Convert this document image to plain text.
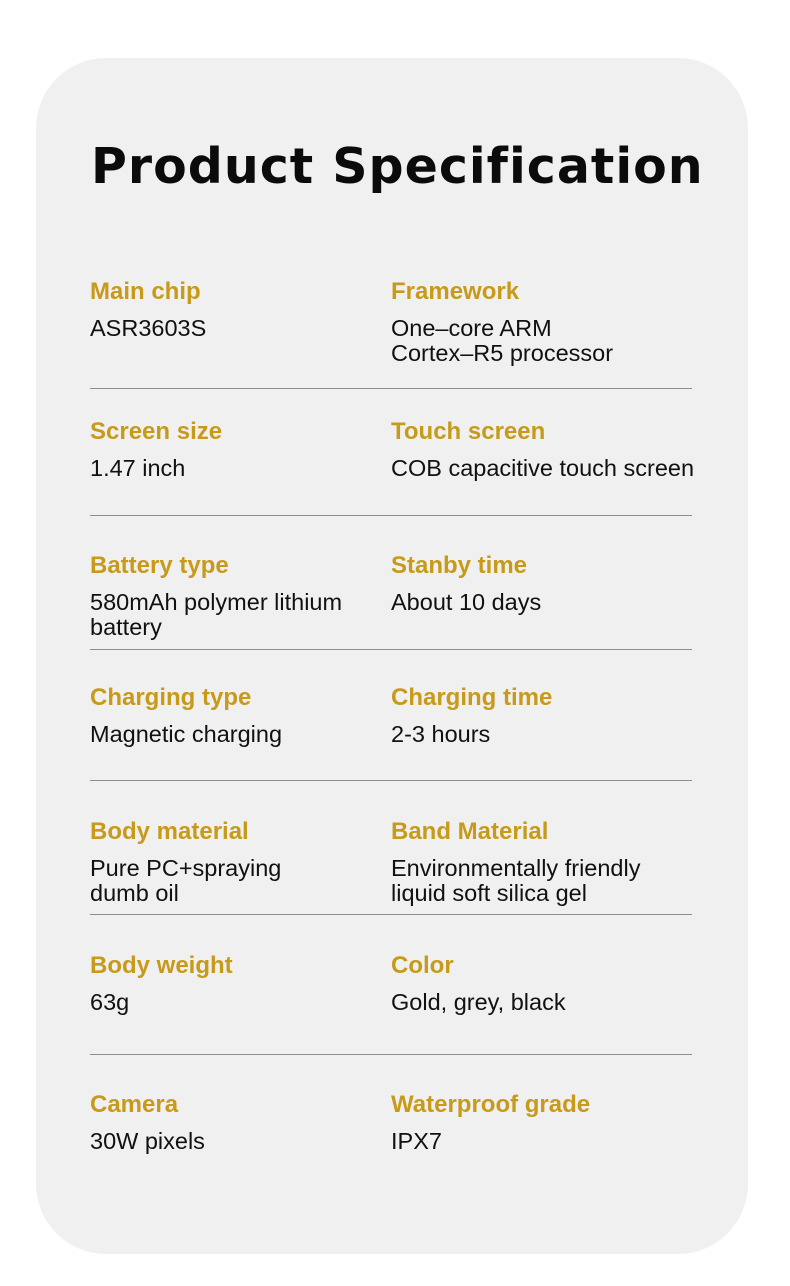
Product Specification
Main chip
ASR3603S
Framework
One–core ARM
Cortex–R5 processor
Screen size
1.47 inch
Touch screen
COB capacitive touch screen
Battery type
580mAh polymer lithium
battery
Stanby time
About 10 days
Charging type
Magnetic charging
Charging time
2-3 hours
Body material
Pure PC+spraying
dumb oil
Band Material
Environmentally friendly
liquid soft silica gel
Body weight
63g
Color
Gold, grey, black
Camera
30W pixels
Waterproof grade
IPX7
